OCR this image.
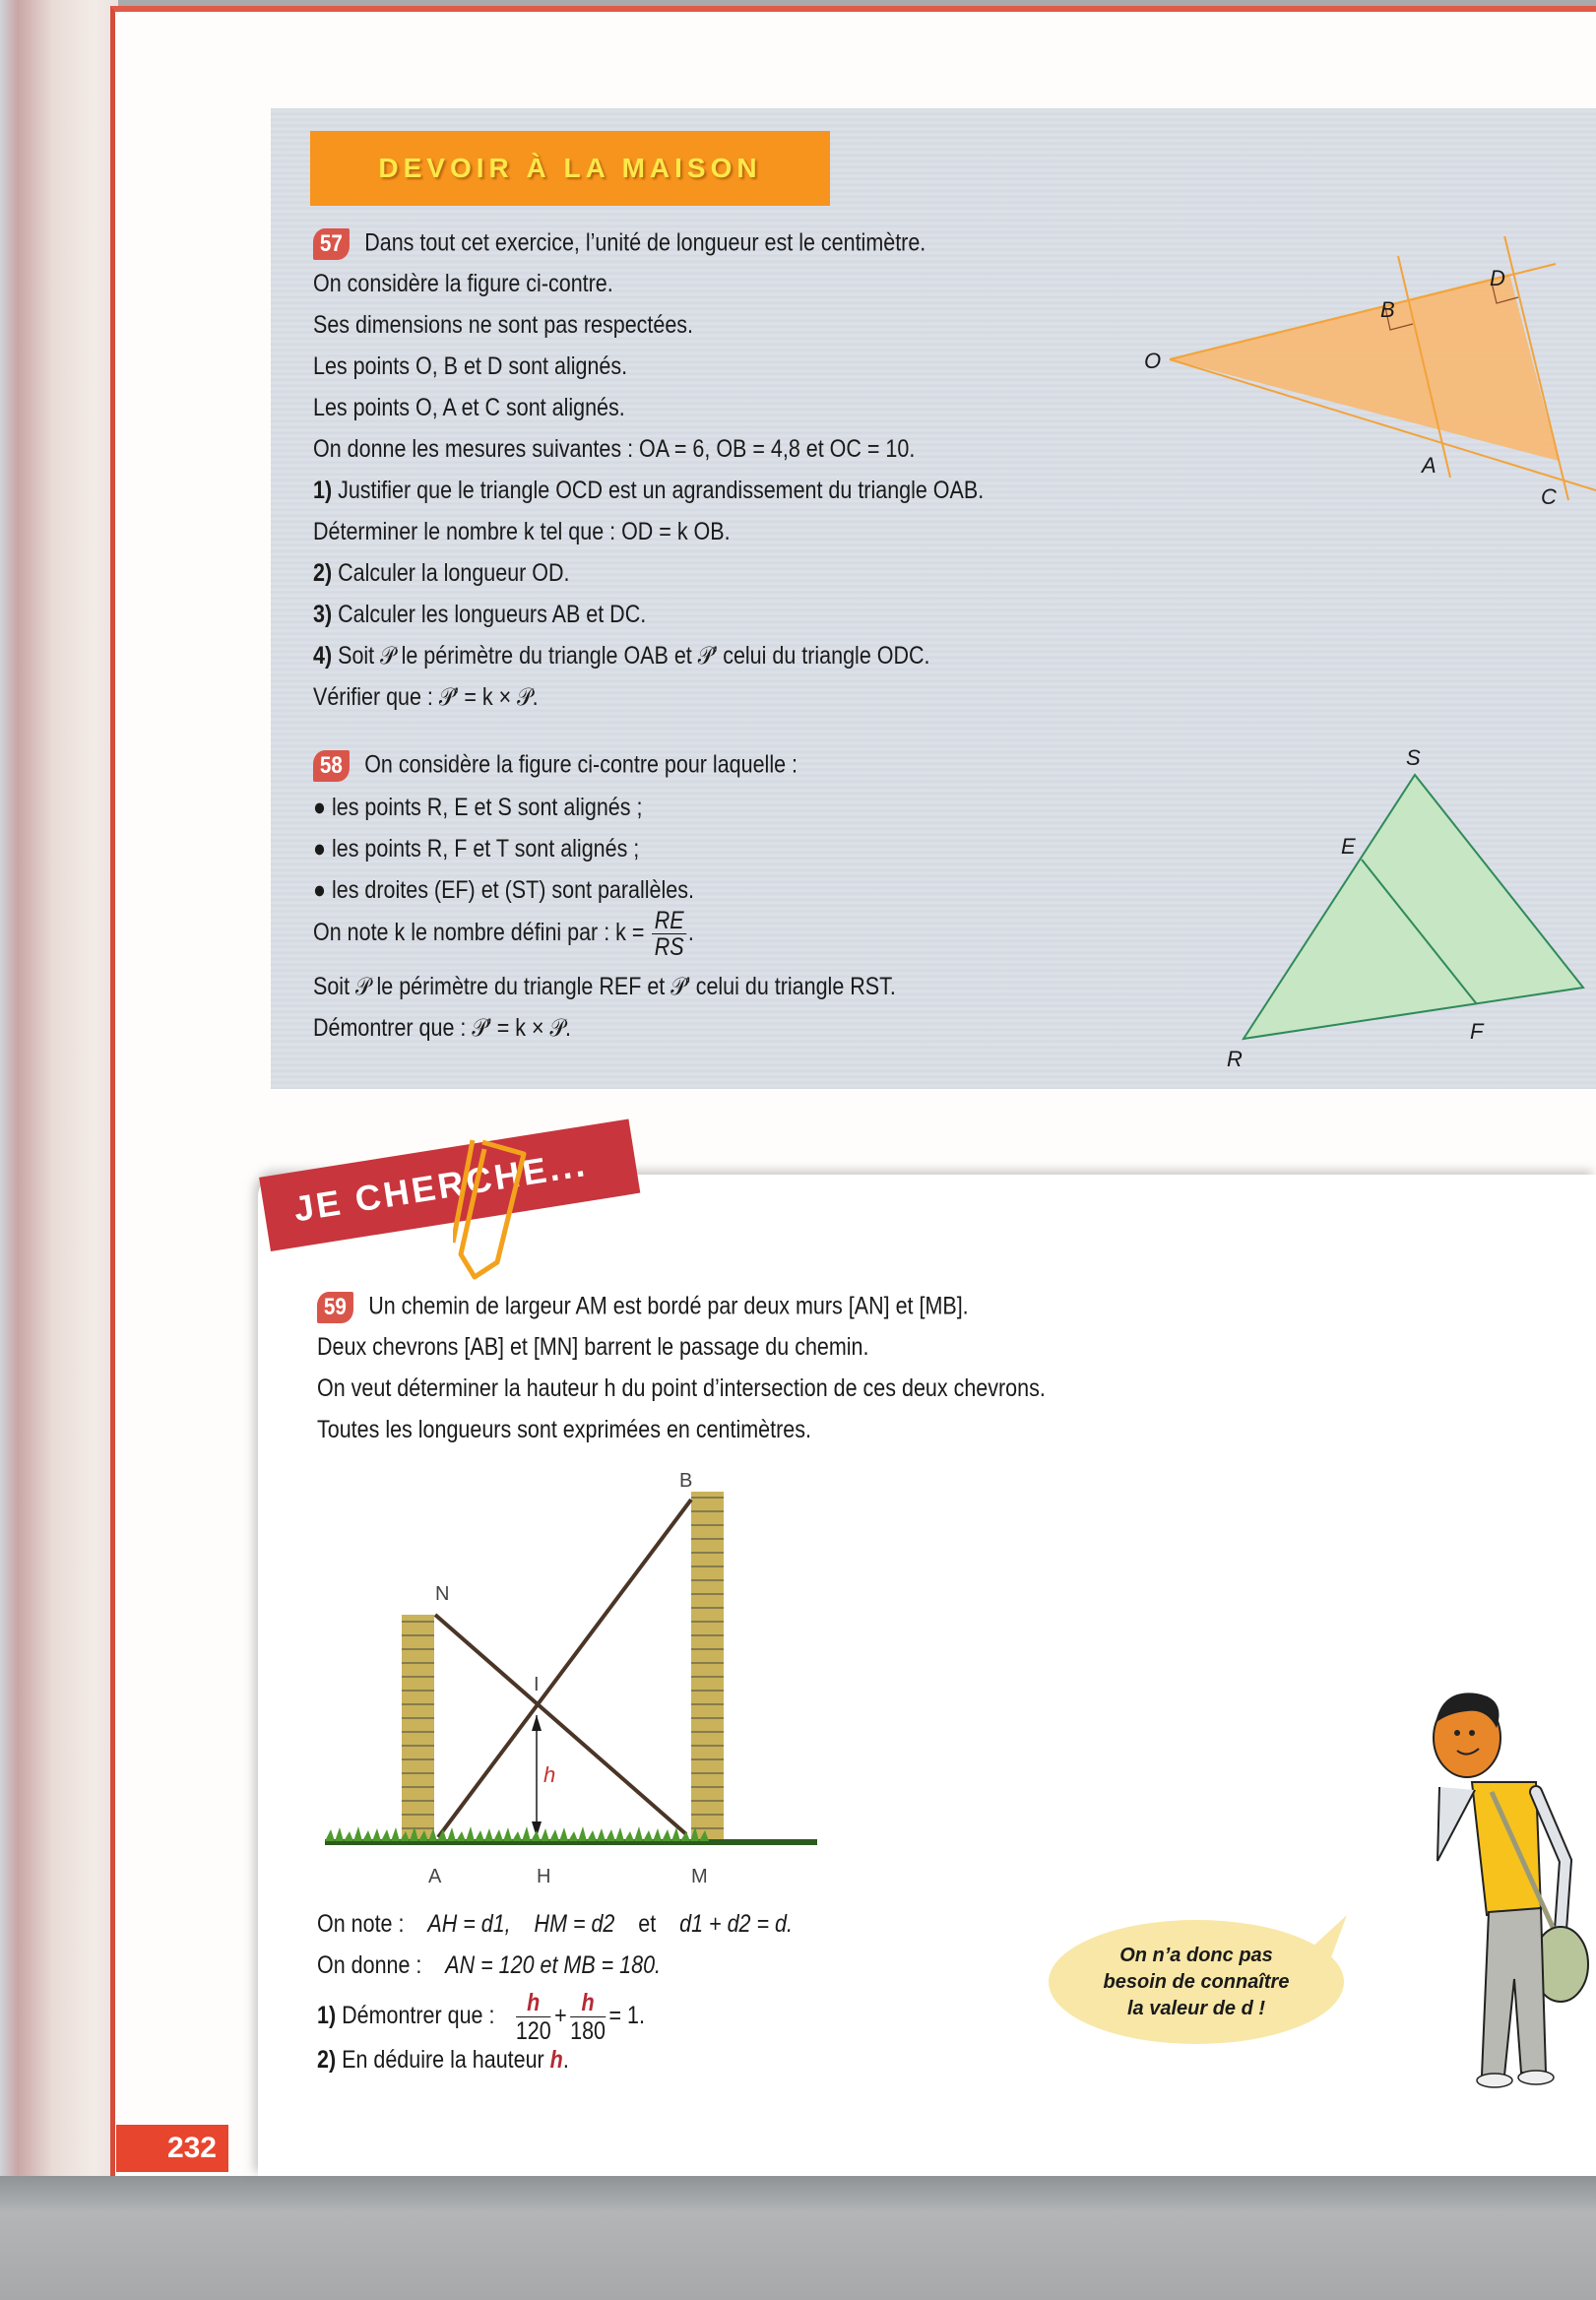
DEVOIR À LA MAISON
57 Dans tout cet exercice, l’unité de longueur est le centimètre.
On considère la figure ci-contre.
Ses dimensions ne sont pas respectées.
Les points O, B et D sont alignés.
Les points O, A et C sont alignés.
On donne les mesures suivantes : OA = 6, OB = 4,8 et OC = 10.
1) Justifier que le triangle OCD est un agrandissement du triangle OAB.
Déterminer le nombre k tel que : OD = k OB.
2) Calculer la longueur OD.
3) Calculer les longueurs AB et DC.
4) Soit 𝒫 le périmètre du triangle OAB et 𝒫’ celui du triangle ODC.
Vérifier que : 𝒫’ = k × 𝒫.
O
B
D
A
C
58 On considère la figure ci-contre pour laquelle :
● les points R, E et S sont alignés ;
● les points R, F et T sont alignés ;
● les droites (EF) et (ST) sont parallèles.
On note k le nombre défini par : $k = \frac{RE}{RS}$ .
Soit 𝒫 le périmètre du triangle REF et 𝒫’ celui du triangle RST.
Démontrer que : 𝒫’ = k × 𝒫.
S
E
F
R
JE CHERCHE...
59 Un chemin de largeur AM est bordé par deux murs [AN] et [MB].
Deux chevrons [AB] et [MN] barrent le passage du chemin.
On veut déterminer la hauteur h du point d’intersection de ces deux chevrons.
Toutes les longueurs sont exprimées en centimètres.
B
N
I
h
A	H	M
On note : AH = d1, HM = d2 et d1 + d2 = d.
On donne : AN = 120 et MB = 180.
1) Démontrer que : $\frac{h}{120} + \frac{h}{180} = 1$.
2) En déduire la hauteur h.
On n’a donc pas
besoin de connaître
la valeur de d !
232
